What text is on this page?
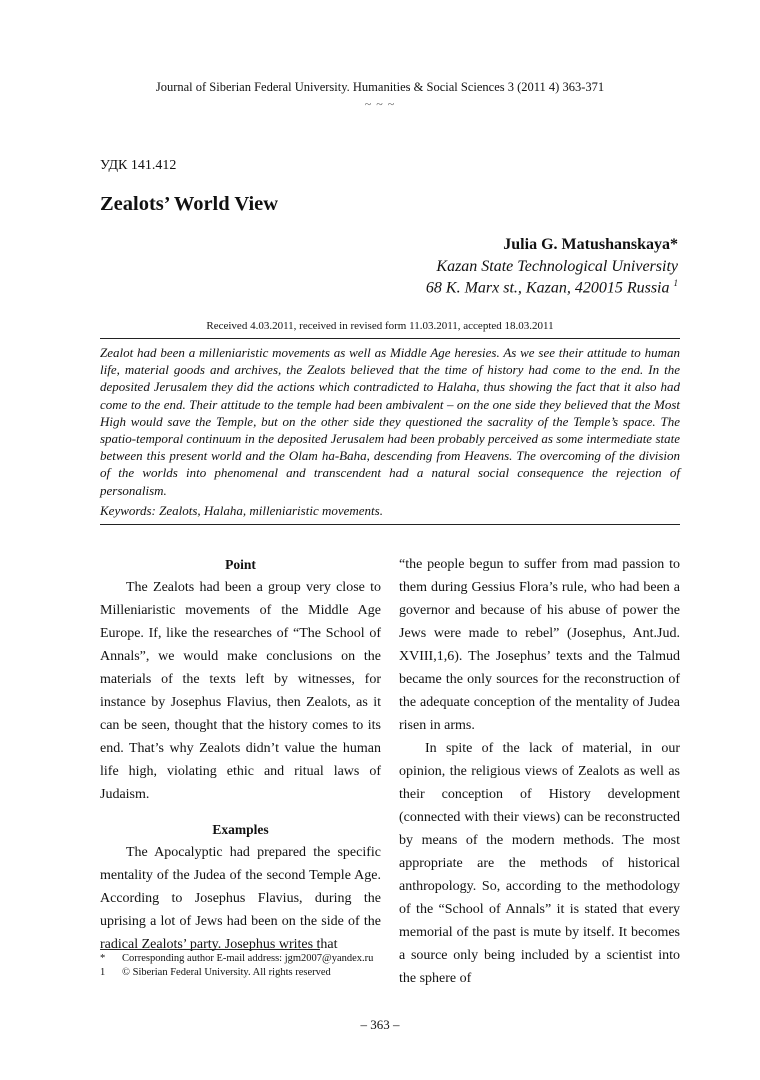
Journal of Siberian Federal University. Humanities & Social Sciences 3 (2011 4) 363-371
~ ~ ~
УДК 141.412
Zealots’ World View
Julia G. Matushanskaya*
Kazan State Technological University
68 K. Marx st., Kazan, 420015 Russia $^1$
Received 4.03.2011, received in revised form 11.03.2011, accepted 18.03.2011
Zealot had been a milleniaristic movements as well as Middle Age heresies. As we see their attitude to human life, material goods and archives, the Zealots believed that the time of history had come to the end. In the deposited Jerusalem they did the actions which contradicted to Halaha, thus showing the fact that it also had come to the end. Their attitude to the temple had been ambivalent – on the one side they believed that the Most High would save the Temple, but on the other side they questioned the sacrality of the Temple’s space. The spatio-temporal continuum in the deposited Jerusalem had been probably perceived as some intermediate state between this present world and the Olam ha-Baha, descending from Heavens. The overcoming of the division of the worlds into phenomenal and transcendent had a natural social consequence the rejection of personalism.
Keywords: Zealots, Halaha, milleniaristic movements.
Point

The Zealots had been a group very close to Milleniaristic movements of the Middle Age Europe. If, like the researches of “The School of Annals”, we would make conclusions on the materials of the texts left by witnesses, for instance by Josephus Flavius, then Zealots, as it can be seen, thought that the history comes to its end. That’s why Zealots didn’t value the human life high, violating ethic and ritual laws of Judaism.

Examples

The Apocalyptic had prepared the specific mentality of the Judea of the second Temple Age. According to Josephus Flavius, during the uprising a lot of Jews had been on the side of the radical Zealots’ party. Josephus writes that

“the people begun to suffer from mad passion to them during Gessius Flora’s rule, who had been a governor and because of his abuse of power the Jews were made to rebel” (Josephus, Ant.Jud. XVIII,1,6). The Josephus’ texts and the Talmud became the only sources for the reconstruction of the adequate conception of the mentality of Judea risen in arms.

In spite of the lack of material, in our opinion, the religious views of Zealots as well as their conception of History development (connected with their views) can be reconstructed by means of the modern methods. The most appropriate are the methods of historical anthropology. So, according to the methodology of the “School of Annals” it is stated that every memorial of the past is mute by itself. It becomes a source only being included by a scientist into the sphere of

* Corresponding author E-mail address: jgm2007@yandex.ru
1 © Siberian Federal University. All rights reserved
– 363 –
